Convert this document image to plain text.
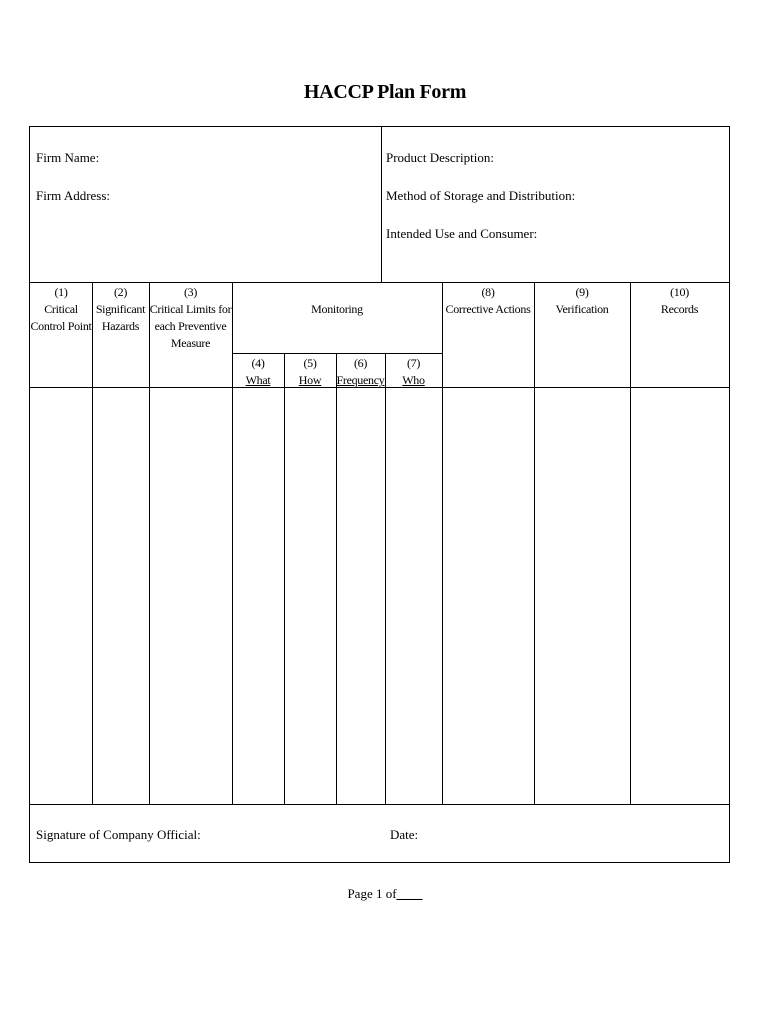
HACCP Plan Form
Firm Name:
Firm Address:
Product Description:
Method of Storage and Distribution:
Intended Use and Consumer:
(1)
Critical
Control Point
(2)
Significant
Hazards
(3)
Critical Limits for
each Preventive
Measure
Monitoring
(4)
What
(5)
How
(6)
Frequency
(7)
Who
(8)
Corrective Actions
(9)
Verification
(10)
Records
Signature of Company Official:	Date:
Page 1 of____
